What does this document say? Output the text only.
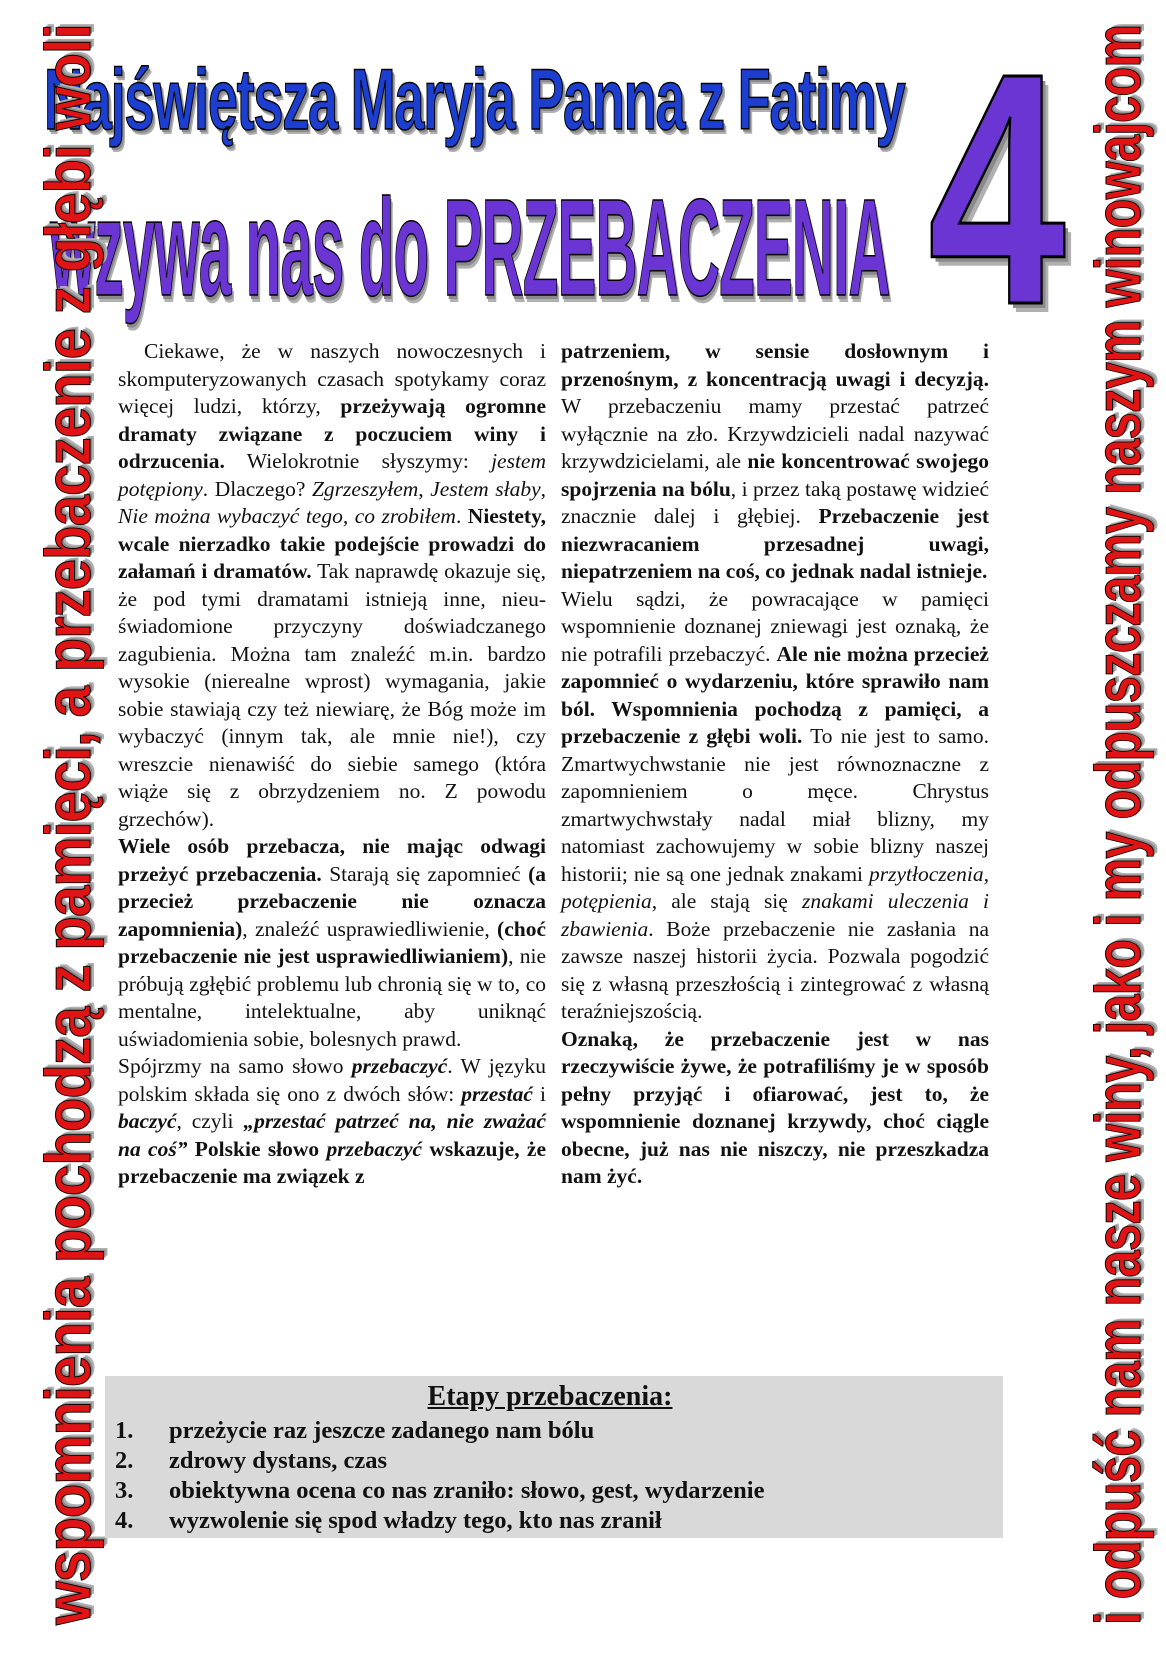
Najświętsza Maryja Panna z Fatimy
wzywa nas do PRZEBACZENIA 4
wspomnienia pochodzą z pamięci, a przebaczenie z głębi woli	i odpuść nam nasze winy, jako i my odpuszczamy naszym winowajcom

Ciekawe, że w naszych nowoczesnych i skomputeryzowanych czasach spotykamy coraz więcej ludzi, którzy, przeżywają ogromne dramaty związane z poczuciem winy i odrzucenia. Wielokrotnie słyszymy: jestem potępiony. Dlaczego? Zgrzeszyłem, Jestem słaby, Nie można wybaczyć tego, co zrobiłem. Niestety, wcale nierzadko takie podejście prowadzi do załamań i dramatów. Tak naprawdę okazuje się, że pod tymi dramatami istnieją inne, nieuświadomione przyczyny doświadczanego zagubienia. Można tam znaleźć m.in. bardzo wysokie (nierealne wprost) wymagania, jakie sobie stawiają czy też niewiarę, że Bóg może im wybaczyć (innym tak, ale mnie nie!), czy wreszcie nienawiść do siebie samego (która wiąże się z obrzydzeniem no. Z powodu grzechów).
Wiele osób przebacza, nie mając odwagi przeżyć przebaczenia. Starają się zapomnieć (a przecież przebaczenie nie oznacza zapomnienia), znaleźć usprawiedliwienie, (choć przebaczenie nie jest usprawiedliwianiem), nie próbują zgłębić problemu lub chronią się w to, co mentalne, intelektualne, aby uniknąć uświadomienia sobie, bolesnych prawd.
Spójrzmy na samo słowo przebaczyć. W języku polskim składa się ono z dwóch słów: przestać i baczyć, czyli „przestać patrzeć na, nie zważać na coś” Polskie słowo przebaczyć wskazuje, że przebaczenie ma związek z

patrzeniem, w sensie dosłownym i przenośnym, z koncentracją uwagi i decyzją. W przebaczeniu mamy przestać patrzeć wyłącznie na zło. Krzywdzicieli nadal nazywać krzywdzicielami, ale nie koncentrować swojego spojrzenia na bólu, i przez taką postawę widzieć znacznie dalej i głębiej. Przebaczenie jest niezwracaniem przesadnej uwagi, niepatrzeniem na coś, co jednak nadal istnieje.
Wielu sądzi, że powracające w pamięci wspomnienie doznanej zniewagi jest oznaką, że nie potrafili przebaczyć. Ale nie można przecież zapomnieć o wydarzeniu, które sprawiło nam ból. Wspomnienia pochodzą z pamięci, a przebaczenie z głębi woli. To nie jest to samo. Zmartwychwstanie nie jest równoznaczne z zapomnieniem o męce. Chrystus zmartwychwstały nadal miał blizny, my natomiast zachowujemy w sobie blizny naszej historii; nie są one jednak znakami przytłoczenia, potępienia, ale stają się znakami uleczenia i zbawienia. Boże przebaczenie nie zasłania na zawsze naszej historii życia. Pozwala pogodzić się z własną przeszłością i zintegrować z własną teraźniejszością.
Oznaką, że przebaczenie jest w nas rzeczywiście żywe, że potrafiliśmy je w sposób pełny przyjąć i ofiarować, jest to, że wspomnienie doznanej krzywdy, choć ciągle obecne, już nas nie niszczy, nie przeszkadza nam żyć.

Etapy przebaczenia:
1.	przeżycie raz jeszcze zadanego nam bólu
2.	zdrowy dystans, czas
3.	obiektywna ocena co nas zraniło: słowo, gest, wydarzenie
4.	wyzwolenie się spod władzy tego, kto nas zranił
